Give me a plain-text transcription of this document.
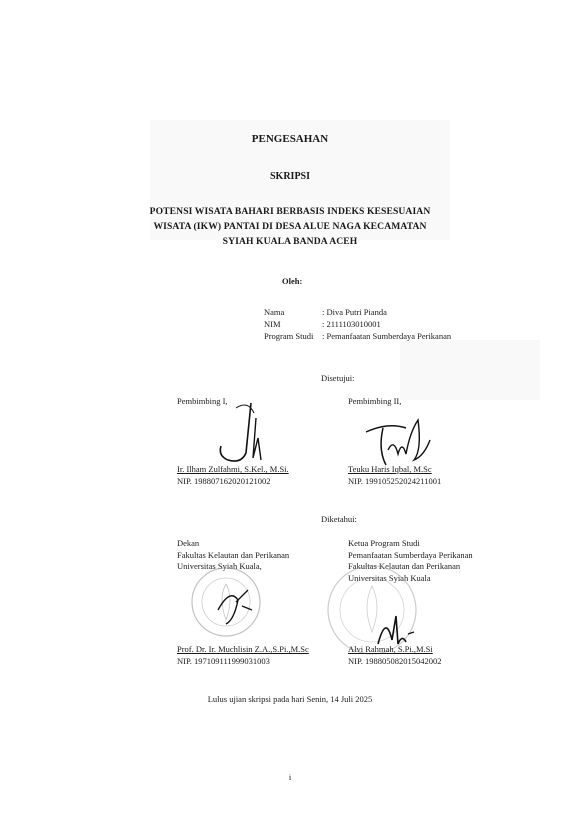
PENGESAHAN
SKRIPSI
POTENSI WISATA BAHARI BERBASIS INDEKS KESESUAIAN
WISATA (IKW) PANTAI DI DESA ALUE NAGA KECAMATAN
SYIAH KUALA BANDA ACEH
Oleh:
Nama	: Diva Putri Pianda
NIM	: 2111103010001
Program Studi	: Pemanfaatan Sumberdaya Perikanan
Disetujui:
Pembimbing I,
Ir. Ilham Zulfahmi, S.Kel., M.Si.
NIP. 198807162020121002
Pembimbing II,
Teuku Haris Iqbal, M.Sc
NIP. 199105252024211001
Diketahui:
Dekan
Fakultas Kelautan dan Perikanan
Universitas Syiah Kuala,
Prof. Dr. Ir. Muchlisin Z.A.,S.Pi.,M.Sc
NIP. 197109111999031003
Ketua Program Studi
Pemanfaatan Sumberdaya Perikanan
Fakultas Kelautan dan Perikanan
Universitas Syiah Kuala
Alvi Rahmah, S.Pi.,M.Si
NIP. 198805082015042002
Lulus ujian skripsi pada hari Senin, 14 Juli 2025
i
